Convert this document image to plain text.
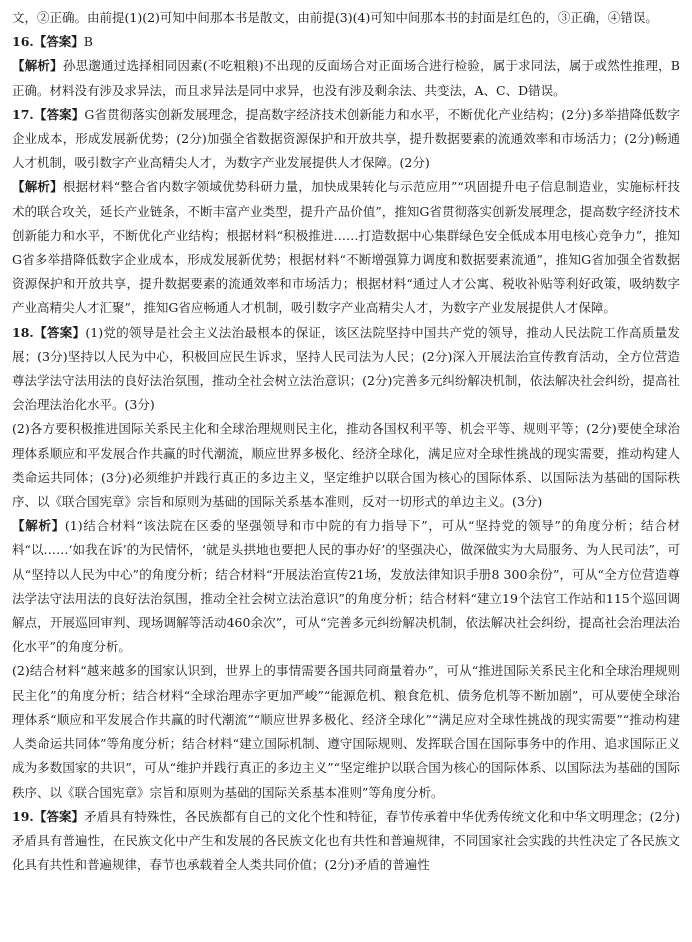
文，②正确。由前提(1)(2)可知中间那本书是散文，由前提(3)(4)可知中间那本书的封面是红色的，③正确，④错误。

16.【答案】B

【解析】孙思邈通过选择相同因素(不吃粗粮)不出现的反面场合对正面场合进行检验，属于求同法，属于或然性推理，B正确。材料没有涉及求异法，而且求异法是同中求异，也没有涉及剩余法、共变法，A、C、D错误。

17.【答案】G省贯彻落实创新发展理念，提高数字经济技术创新能力和水平，不断优化产业结构；(2分)多举措降低数字企业成本，形成发展新优势；(2分)加强全省数据资源保护和开放共享，提升数据要素的流通效率和市场活力；(2分)畅通人才机制，吸引数字产业高精尖人才，为数字产业发展提供人才保障。(2分)

【解析】根据材料“整合省内数字领域优势科研力量，加快成果转化与示范应用”“巩固提升电子信息制造业，实施标杆技术的联合攻关，延长产业链条，不断丰富产业类型，提升产品价值”，推知G省贯彻落实创新发展理念，提高数字经济技术创新能力和水平，不断优化产业结构；根据材料“积极推进……打造数据中心集群绿色安全低成本用电核心竞争力”，推知G省多举措降低数字企业成本，形成发展新优势；根据材料“不断增强算力调度和数据要素流通”，推知G省加强全省数据资源保护和开放共享，提升数据要素的流通效率和市场活力；根据材料“通过人才公寓、税收补贴等利好政策，吸纳数字产业高精尖人才汇聚”，推知G省应畅通人才机制，吸引数字产业高精尖人才，为数字产业发展提供人才保障。

18.【答案】(1)党的领导是社会主义法治最根本的保证，该区法院坚持中国共产党的领导，推动人民法院工作高质量发展；(3分)坚持以人民为中心，积极回应民生诉求，坚持人民司法为人民；(2分)深入开展法治宣传教育活动，全方位营造尊法学法守法用法的良好法治氛围，推动全社会树立法治意识；(2分)完善多元纠纷解决机制，依法解决社会纠纷，提高社会治理法治化水平。(3分)

(2)各方要积极推进国际关系民主化和全球治理规则民主化，推动各国权利平等、机会平等、规则平等；(2分)要使全球治理体系顺应和平发展合作共赢的时代潮流，顺应世界多极化、经济全球化，满足应对全球性挑战的现实需要，推动构建人类命运共同体；(3分)必须维护并践行真正的多边主义，坚定维护以联合国为核心的国际体系、以国际法为基础的国际秩序、以《联合国宪章》宗旨和原则为基础的国际关系基本准则，反对一切形式的单边主义。(3分)

【解析】(1)结合材料“该法院在区委的坚强领导和市中院的有力指导下”，可从“坚持党的领导”的角度分析；结合材料“以……‘如我在诉’的为民情怀，‘就是头拱地也要把人民的事办好’的坚强决心，做深做实为大局服务、为人民司法”，可从“坚持以人民为中心”的角度分析；结合材料“开展法治宣传21场，发放法律知识手册8 300余份”，可从“全方位营造尊法学法守法用法的良好法治氛围，推动全社会树立法治意识”的角度分析；结合材料“建立19个法官工作站和115个巡回调解点，开展巡回审判、现场调解等活动460余次”，可从“完善多元纠纷解决机制，依法解决社会纠纷，提高社会治理法治化水平”的角度分析。

(2)结合材料“越来越多的国家认识到，世界上的事情需要各国共同商量着办”，可从“推进国际关系民主化和全球治理规则民主化”的角度分析；结合材料“全球治理赤字更加严峻”“能源危机、粮食危机、债务危机等不断加剧”，可从要使全球治理体系“顺应和平发展合作共赢的时代潮流”“顺应世界多极化、经济全球化”“满足应对全球性挑战的现实需要”“推动构建人类命运共同体”等角度分析；结合材料“建立国际机制、遵守国际规则、发挥联合国在国际事务中的作用、追求国际正义成为多数国家的共识”，可从“维护并践行真正的多边主义”“坚定维护以联合国为核心的国际体系、以国际法为基础的国际秩序、以《联合国宪章》宗旨和原则为基础的国际关系基本准则”等角度分析。

19.【答案】矛盾具有特殊性，各民族都有自己的文化个性和特征，春节传承着中华优秀传统文化和中华文明理念；(2分)矛盾具有普遍性，在民族文化中产生和发展的各民族文化也有共性和普遍规律，不同国家社会实践的共性决定了各民族文化具有共性和普遍规律，春节也承载着全人类共同价值；(2分)矛盾的普遍性
